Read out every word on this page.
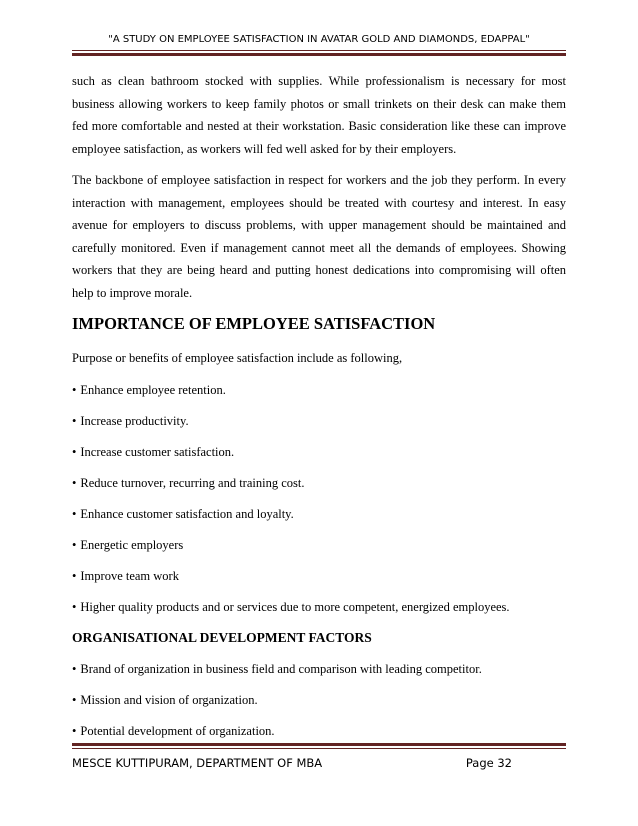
"A STUDY ON EMPLOYEE SATISFACTION IN AVATAR GOLD AND DIAMONDS, EDAPPAL"

such as clean bathroom stocked with supplies. While professionalism is necessary for most business allowing workers to keep family photos or small trinkets on their desk can make them fed more comfortable and nested at their workstation. Basic consideration like these can improve employee satisfaction, as workers will fed well asked for by their employers.

The backbone of employee satisfaction in respect for workers and the job they perform. In every interaction with management, employees should be treated with courtesy and interest. In easy avenue for employers to discuss problems, with upper management should be maintained and carefully monitored. Even if management cannot meet all the demands of employees. Showing workers that they are being heard and putting honest dedications into compromising will often help to improve morale.

IMPORTANCE OF EMPLOYEE SATISFACTION

Purpose or benefits of employee satisfaction include as following,

• Enhance employee retention.
• Increase productivity.
• Increase customer satisfaction.
• Reduce turnover, recurring and training cost.
• Enhance customer satisfaction and loyalty.
• Energetic employers
• Improve team work
• Higher quality products and or services due to more competent, energized employees.
ORGANISATIONAL DEVELOPMENT FACTORS
• Brand of organization in business field and comparison with leading competitor.
• Mission and vision of organization.
• Potential development of organization.
MESCE KUTTIPURAM, DEPARTMENT OF MBA	Page 32
